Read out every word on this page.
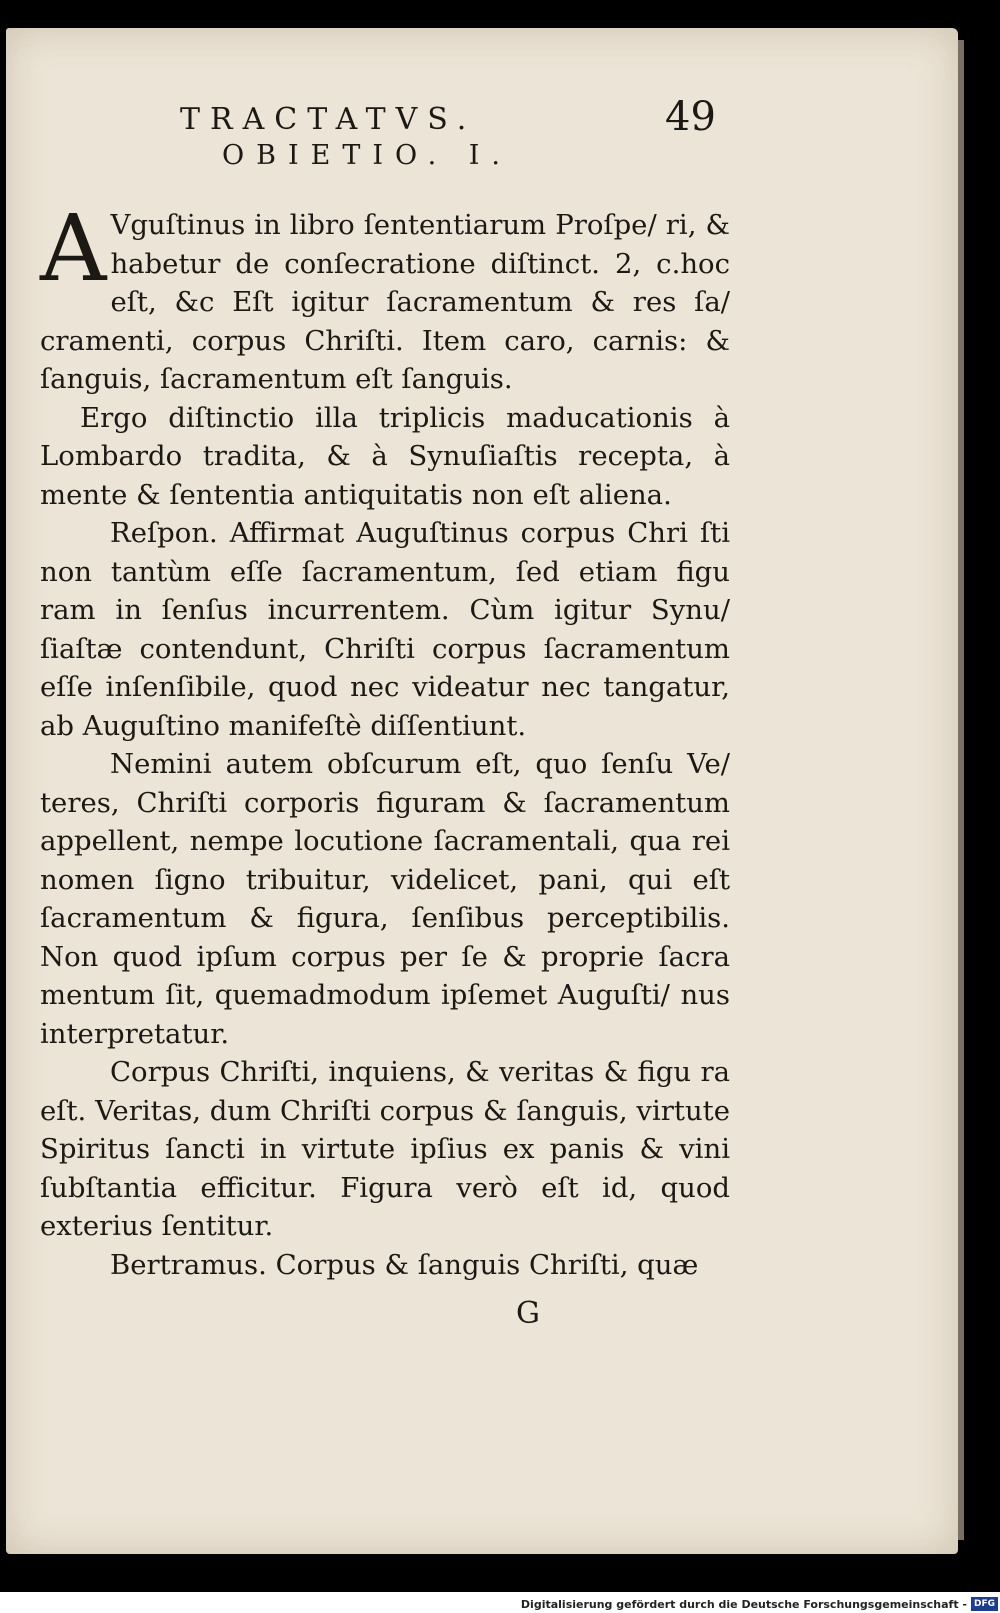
TRACTATVS.	49
OBIETIO. I.

A Vguſtinus in libro ſententiarum Proſpe∕ ri, & habetur de conſecratione diſtinct. 2, c.hoc eſt, &c Eſt igitur ſacramentum & res ſa∕ cramenti, corpus Chriſti. Item caro, carnis: & ſanguis, ſacramentum eſt ſanguis.

Ergo diſtinctio illa triplicis maducationis à Lombardo tradita, & à Synuſiaſtis recepta, à mente & ſententia antiquitatis non eſt aliena.

Reſpon. Affirmat Auguſtinus corpus Chri ſti non tantùm eſſe ſacramentum, ſed etiam figu ram in ſenſus incurrentem. Cùm igitur Synu∕ ſiaſtæ contendunt, Chriſti corpus ſacramentum eſſe inſenſibile, quod nec videatur nec tangatur, ab Auguſtino manifeſtè diſſentiunt.

Nemini autem obſcurum eſt, quo ſenſu Ve∕ teres, Chriſti corporis figuram & ſacramentum appellent, nempe locutione ſacramentali, qua rei nomen ſigno tribuitur, videlicet, pani, qui eſt ſacramentum & figura, ſenſibus perceptibilis. Non quod ipſum corpus per ſe & proprie ſacra mentum ſit, quemadmodum ipſemet Auguſti∕ nus interpretatur.

Corpus Chriſti, inquiens, & veritas & figu ra eſt. Veritas, dum Chriſti corpus & ſanguis, virtute Spiritus ſancti in virtute ipſius ex panis & vini ſubſtantia efficitur. Figura verò eſt id, quod exterius ſentitur.

Bertramus. Corpus & ſanguis Chriſti, quæ

G
Digitalisierung gefördert durch die Deutsche Forschungsgemeinschaft - DFG
